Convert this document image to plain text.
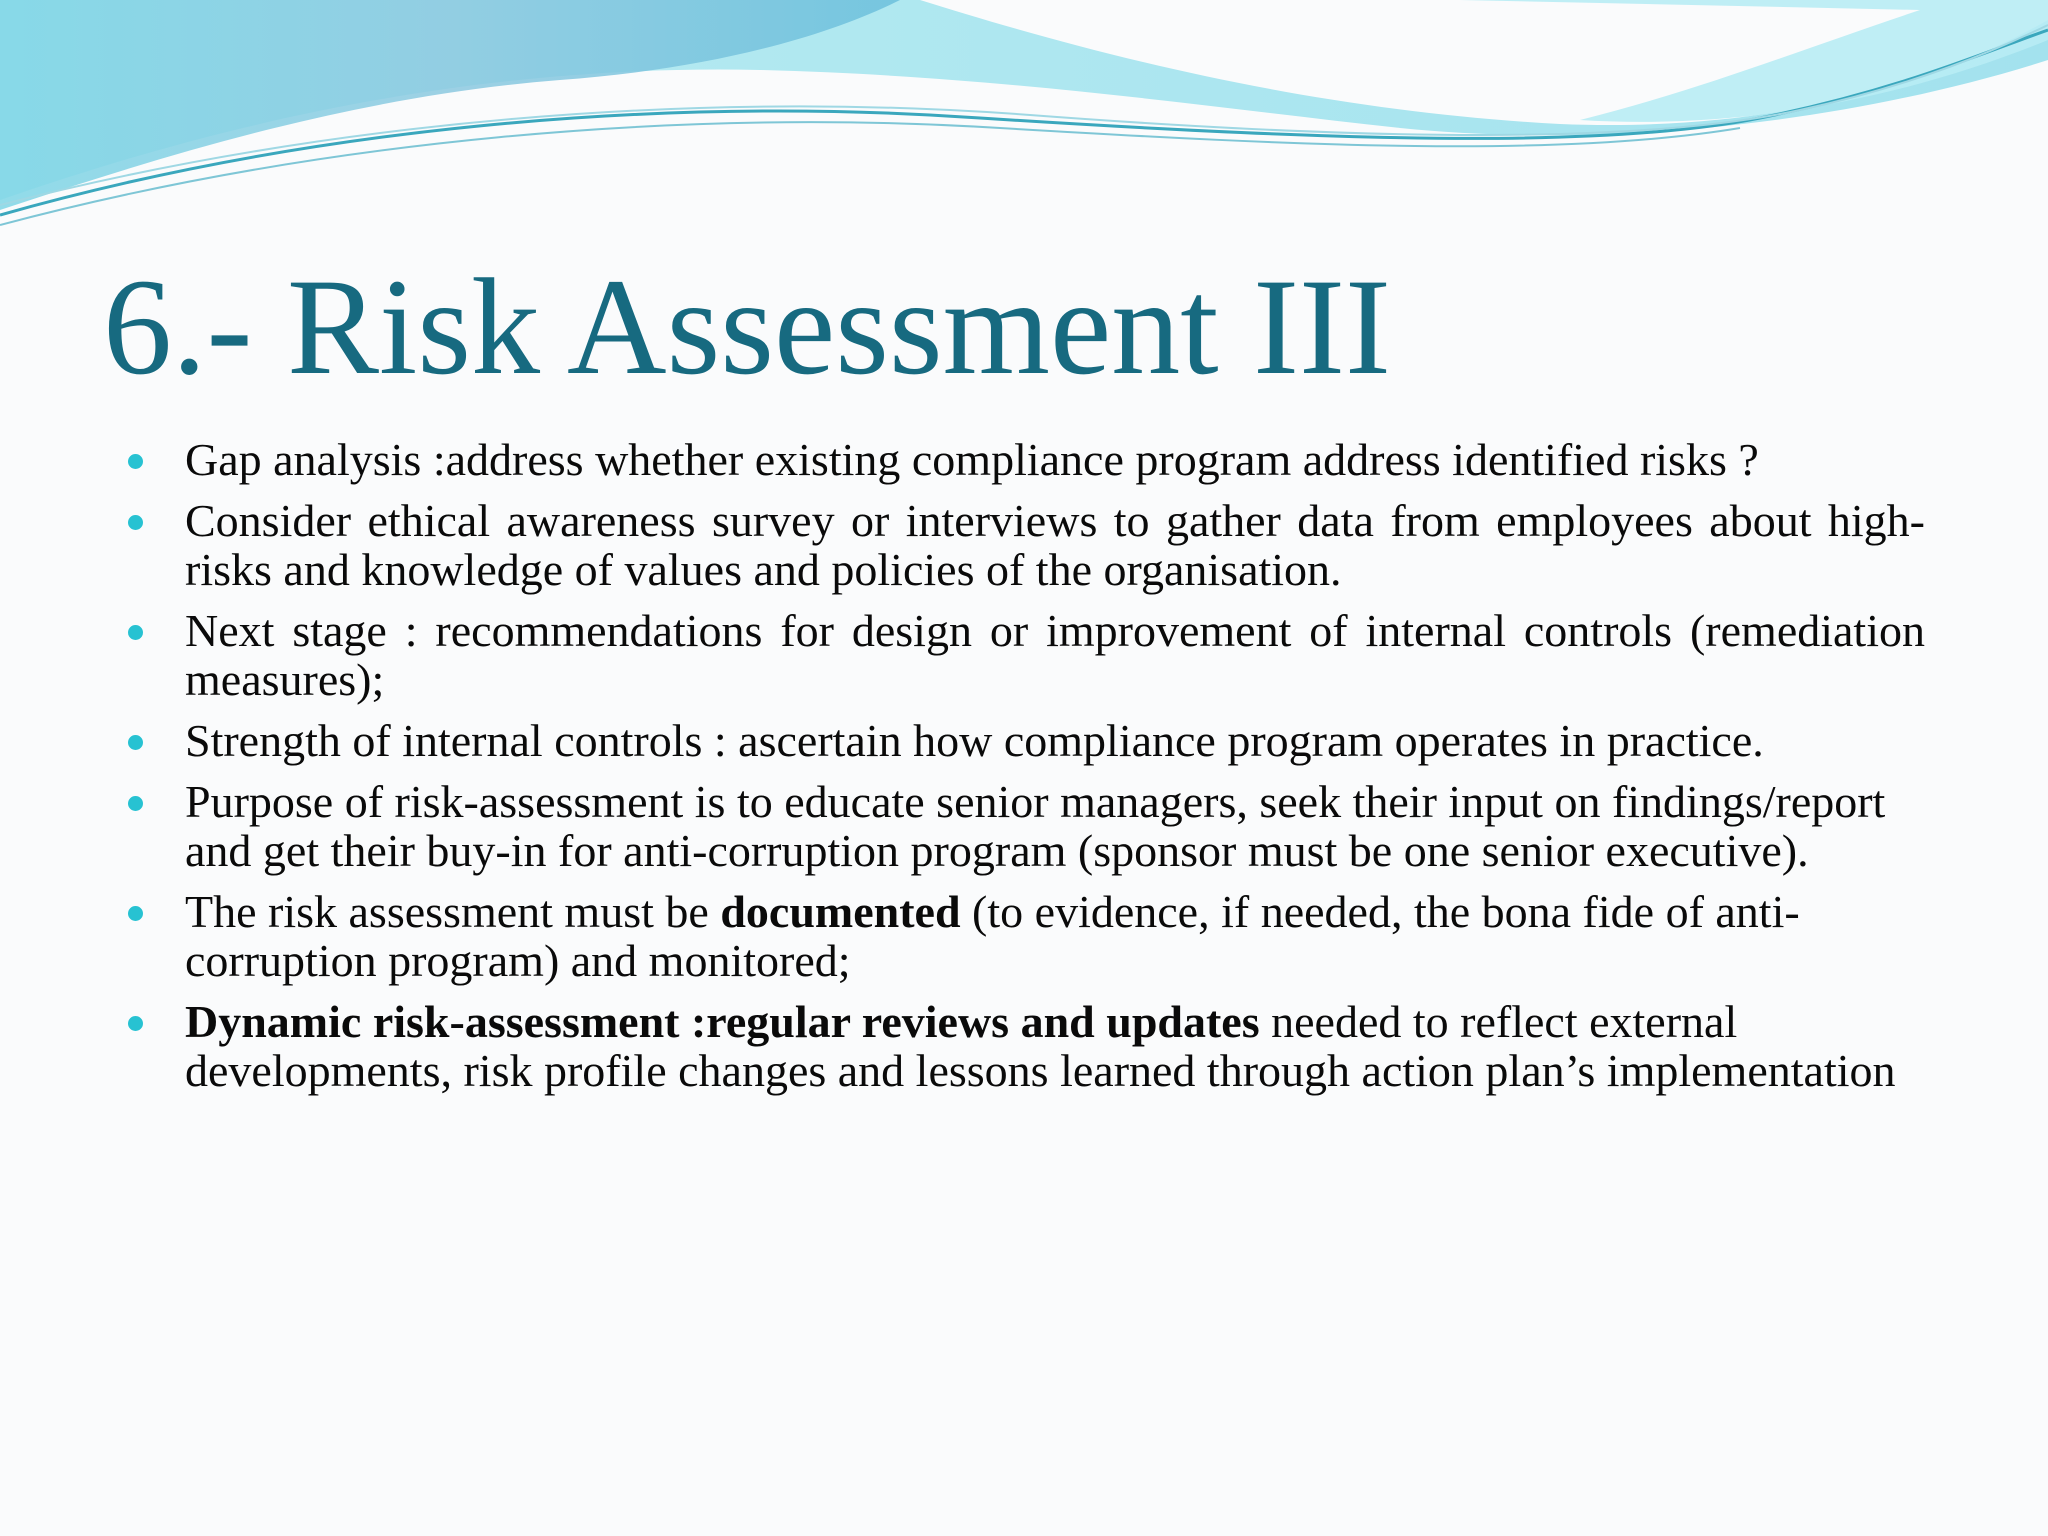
6.- Risk Assessment III
Gap analysis :address whether existing compliance program address identified risks ?
Consider ethical awareness survey or interviews to gather data from employees about high-risks and knowledge of values and policies of the organisation.
Next stage : recommendations for design or improvement of internal controls (remediation measures);
Strength of internal controls : ascertain how compliance program operates in practice.
Purpose of risk-assessment is to educate senior managers, seek their input on findings/report and get their buy-in for anti-corruption program (sponsor must be one senior executive).
The risk assessment must be documented (to evidence, if needed, the bona fide of anti-corruption program) and monitored;
Dynamic risk-assessment :regular reviews and updates needed to reflect external developments, risk profile changes and lessons learned through action plan’s implementation
